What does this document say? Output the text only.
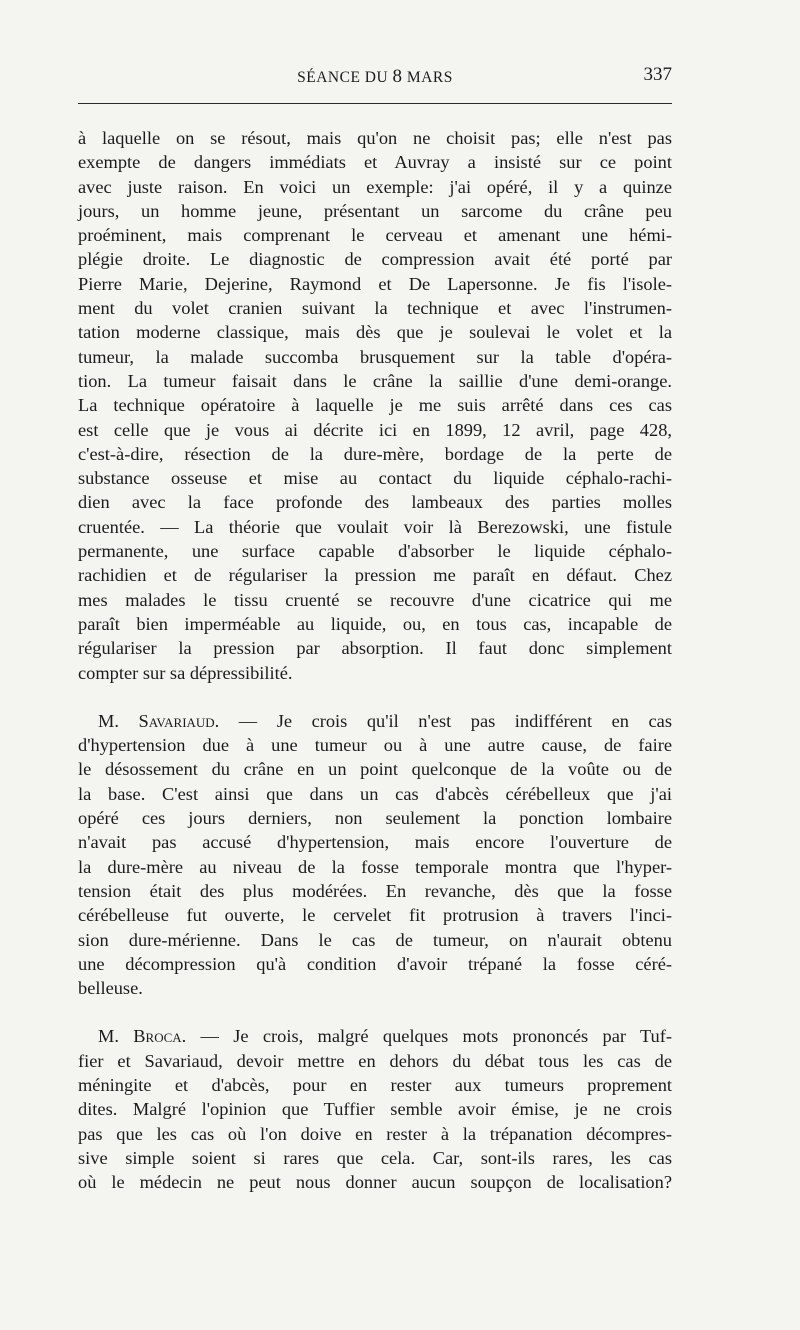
SÉANCE DU 8 MARS	337
à laquelle on se résout, mais qu'on ne choisit pas; elle n'est pas
exempte de dangers immédiats et Auvray a insisté sur ce point
avec juste raison. En voici un exemple: j'ai opéré, il y a quinze
jours, un homme jeune, présentant un sarcome du crâne peu
proéminent, mais comprenant le cerveau et amenant une hémi-
plégie droite. Le diagnostic de compression avait été porté par
Pierre Marie, Dejerine, Raymond et De Lapersonne. Je fis l'isole-
ment du volet cranien suivant la technique et avec l'instrumen-
tation moderne classique, mais dès que je soulevai le volet et la
tumeur, la malade succomba brusquement sur la table d'opéra-
tion. La tumeur faisait dans le crâne la saillie d'une demi-orange.
La technique opératoire à laquelle je me suis arrêté dans ces cas
est celle que je vous ai décrite ici en 1899, 12 avril, page 428,
c'est-à-dire, résection de la dure-mère, bordage de la perte de
substance osseuse et mise au contact du liquide céphalo-rachi-
dien avec la face profonde des lambeaux des parties molles
cruentée. — La théorie que voulait voir là Berezowski, une fistule
permanente, une surface capable d'absorber le liquide céphalo-
rachidien et de régulariser la pression me paraît en défaut. Chez
mes malades le tissu cruenté se recouvre d'une cicatrice qui me
paraît bien imperméable au liquide, ou, en tous cas, incapable de
régulariser la pression par absorption. Il faut donc simplement
compter sur sa dépressibilité.
M. Savariaud. — Je crois qu'il n'est pas indifférent en cas
d'hypertension due à une tumeur ou à une autre cause, de faire
le désossement du crâne en un point quelconque de la voûte ou de
la base. C'est ainsi que dans un cas d'abcès cérébelleux que j'ai
opéré ces jours derniers, non seulement la ponction lombaire
n'avait pas accusé d'hypertension, mais encore l'ouverture de
la dure-mère au niveau de la fosse temporale montra que l'hyper-
tension était des plus modérées. En revanche, dès que la fosse
cérébelleuse fut ouverte, le cervelet fit protrusion à travers l'inci-
sion dure-mérienne. Dans le cas de tumeur, on n'aurait obtenu
une décompression qu'à condition d'avoir trépané la fosse céré-
belleuse.
M. Broca. — Je crois, malgré quelques mots prononcés par Tuf-
fier et Savariaud, devoir mettre en dehors du débat tous les cas de
méningite et d'abcès, pour en rester aux tumeurs proprement
dites. Malgré l'opinion que Tuffier semble avoir émise, je ne crois
pas que les cas où l'on doive en rester à la trépanation décompres-
sive simple soient si rares que cela. Car, sont-ils rares, les cas
où le médecin ne peut nous donner aucun soupçon de localisation?
